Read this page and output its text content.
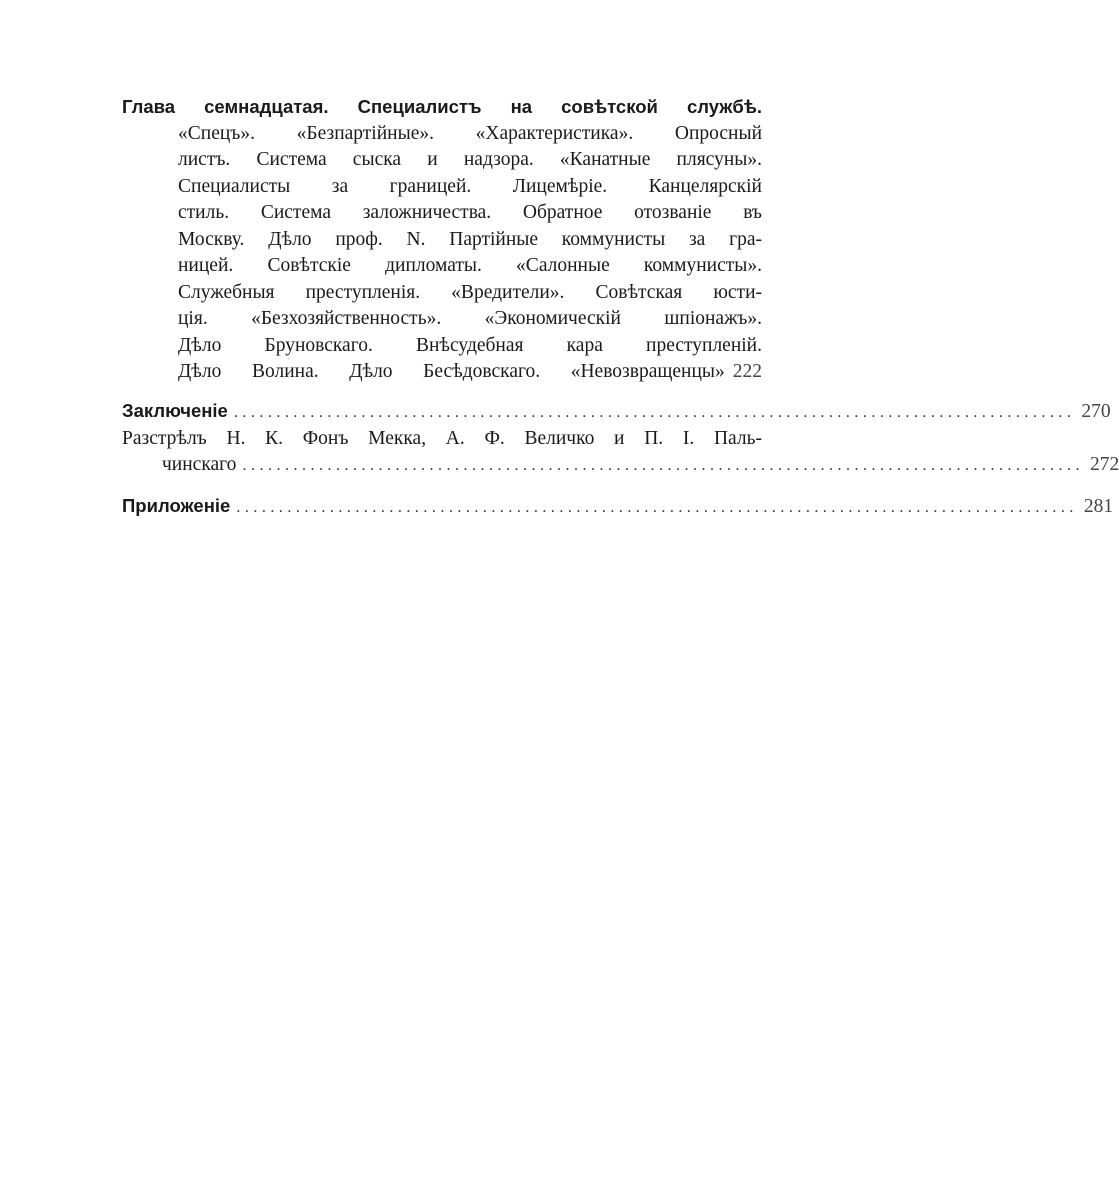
Глава семнадцатая. Специалистъ на совѣтской службѣ.
«Спецъ». «Безпартійные». «Характеристика». Опросный
листъ. Система сыска и надзора. «Канатные плясуны».
Специалисты за границей. Лицемѣріе. Канцелярскій
стиль. Система заложничества. Обратное отозваніе въ
Москву. Дѣло проф. N. Партійные коммунисты за гра-
ницей. Совѣтскіе дипломаты. «Салонные коммунисты».
Служебныя преступленія. «Вредители». Совѣтская юсти-
ція. «Безхозяйственность». «Экономическій шпіонажъ».
Дѣло Бруновскаго. Внѣсудебная кара преступленій.
Дѣло Волина. Дѣло Бесѣдовскаго. «Невозвращенцы» 222
Заключеніе ................................................................................................... 270
Разстрѣлъ Н. К. Фонъ Мекка, А. Ф. Величко и П. І. Паль-
чинскаго ................................................................................................... 272
Приложеніе ................................................................................................... 281
